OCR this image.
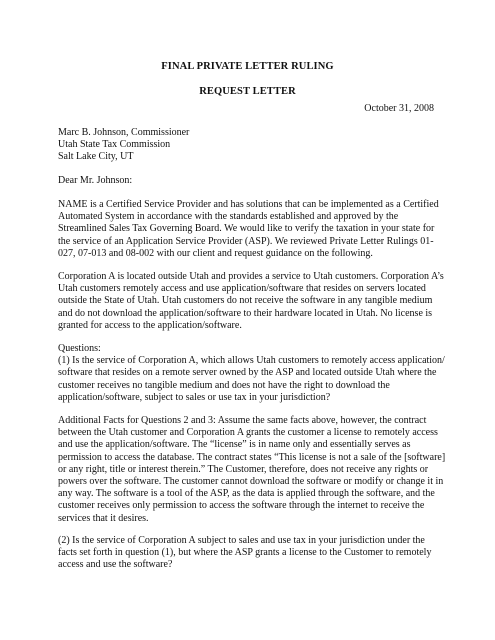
FINAL PRIVATE LETTER RULING
REQUEST LETTER
October 31, 2008
Marc B. Johnson, Commissioner
Utah State Tax Commission
Salt Lake City, UT
Dear Mr. Johnson:
NAME is a Certified Service Provider and has solutions that can be implemented as a Certified
Automated System in accordance with the standards established and approved by the
Streamlined Sales Tax Governing Board. We would like to verify the taxation in your state for
the service of an Application Service Provider (ASP). We reviewed Private Letter Rulings 01-
027, 07-013 and 08-002 with our client and request guidance on the following.
Corporation A is located outside Utah and provides a service to Utah customers. Corporation A’s
Utah customers remotely access and use application/software that resides on servers located
outside the State of Utah. Utah customers do not receive the software in any tangible medium
and do not download the application/software to their hardware located in Utah. No license is
granted for access to the application/software.
Questions:
(1) Is the service of Corporation A, which allows Utah customers to remotely access application/
software that resides on a remote server owned by the ASP and located outside Utah where the
customer receives no tangible medium and does not have the right to download the
application/software, subject to sales or use tax in your jurisdiction?
Additional Facts for Questions 2 and 3: Assume the same facts above, however, the contract
between the Utah customer and Corporation A grants the customer a license to remotely access
and use the application/software. The “license” is in name only and essentially serves as
permission to access the database. The contract states “This license is not a sale of the [software]
or any right, title or interest therein.” The Customer, therefore, does not receive any rights or
powers over the software. The customer cannot download the software or modify or change it in
any way. The software is a tool of the ASP, as the data is applied through the software, and the
customer receives only permission to access the software through the internet to receive the
services that it desires.
(2) Is the service of Corporation A subject to sales and use tax in your jurisdiction under the
facts set forth in question (1), but where the ASP grants a license to the Customer to remotely
access and use the software?
